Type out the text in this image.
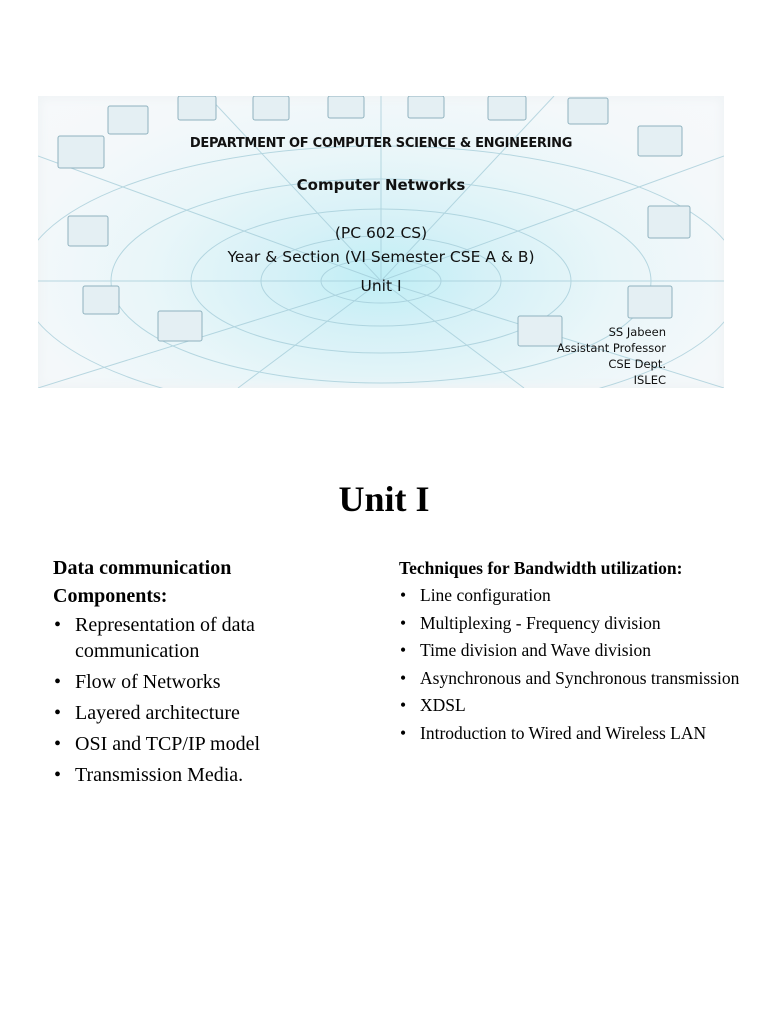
DEPARTMENT OF COMPUTER SCIENCE & ENGINEERING
Computer Networks
(PC 602 CS)
Year & Section (VI Semester CSE A & B)
Unit I
SS Jabeen
Assistant Professor
CSE Dept.
ISLEC
Unit I
Data communication
Components:
• Representation of data communication
• Flow of Networks
• Layered architecture
• OSI and TCP/IP model
• Transmission Media.
Techniques for Bandwidth utilization:
• Line configuration
• Multiplexing - Frequency division
• Time division and Wave division
• Asynchronous and Synchronous transmission
• XDSL
• Introduction to Wired and Wireless LAN
